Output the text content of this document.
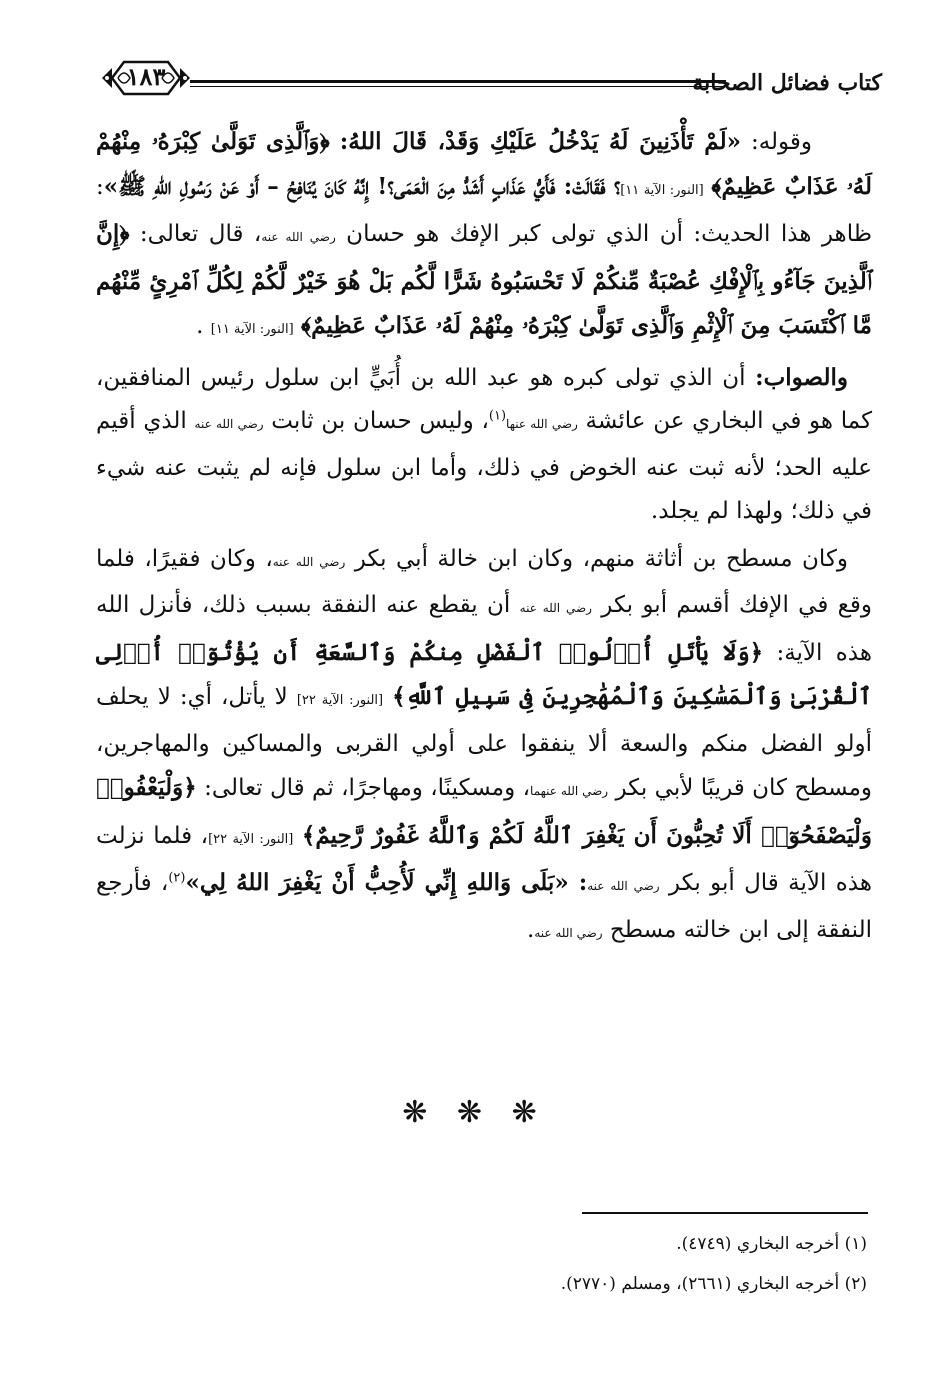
١٨٣	كتاب فضائل الصحابة

وقوله: «لَمْ تَأْذَنِينَ لَهُ يَدْخُلُ عَلَيْكِ وَقَدْ، قَالَ اللهُ: ﴿وَٱلَّذِى تَوَلَّىٰ كِبْرَهُۥ مِنْهُمْ لَهُۥ عَذَابٌ عَظِيمٌ﴾ [النور: الآية ١١]؟ فَقَالَتْ: فَأَيُّ عَذَابٍ أَشَدُّ مِنَ الْعَمَى؟! إِنَّهُ كَانَ يُنَافِحُ – أَوْ عَنْ رَسُولِ اللهِ ﷺ»: ظاهر هذا الحديث: أن الذي تولى كبر الإفك هو حسان رضي الله عنه، قال تعالى: ﴿إِنَّ ٱلَّذِينَ جَآءُو بِٱلْإِفْكِ عُصْبَةٌ مِّنكُمْ لَا تَحْسَبُوهُ شَرًّا لَّكُم بَلْ هُوَ خَيْرٌ لَّكُمْ لِكُلِّ ٱمْرِئٍ مِّنْهُم مَّا ٱكْتَسَبَ مِنَ ٱلْإِثْمِ وَٱلَّذِى تَوَلَّىٰ كِبْرَهُۥ مِنْهُمْ لَهُۥ عَذَابٌ عَظِيمٌ﴾ [النور: الآية ١١] .

والصواب: أن الذي تولى كبره هو عبد الله بن أُبَيٍّ ابن سلول رئيس المنافقين، كما هو في البخاري عن عائشة رضي الله عنها$^{(١)}$، وليس حسان بن ثابت رضي الله عنه الذي أقيم عليه الحد؛ لأنه ثبت عنه الخوض في ذلك، وأما ابن سلول فإنه لم يثبت عنه شيء في ذلك؛ ولهذا لم يجلد.

وكان مسطح بن أثاثة منهم، وكان ابن خالة أبي بكر رضي الله عنه، وكان فقيرًا، فلما وقع في الإفك أقسم أبو بكر رضي الله عنه أن يقطع عنه النفقة بسبب ذلك، فأنزل الله هذه الآية: ﴿وَلَا يَأْتَلِ أُو۟لُوا۟ ٱلْفَضْلِ مِنكُمْ وَٱلسَّعَةِ أَن يُؤْتُوٓا۟ أُو۟لِى ٱلْقُرْبَىٰ وَٱلْمَسَٰكِينَ وَٱلْمُهَٰجِرِينَ فِى سَبِيلِ ٱللَّهِ﴾ [النور: الآية ٢٢] لا يأتل، أي: لا يحلف أولو الفضل منكم والسعة ألا ينفقوا على أولي القربى والمساكين والمهاجرين، ومسطح كان قريبًا لأبي بكر رضي الله عنهما، ومسكينًا، ومهاجرًا، ثم قال تعالى: ﴿وَلْيَعْفُوا۟ وَلْيَصْفَحُوٓا۟ أَلَا تُحِبُّونَ أَن يَغْفِرَ ٱللَّهُ لَكُمْ وَٱللَّهُ غَفُورٌ رَّحِيمٌ﴾ [النور: الآية ٢٢]، فلما نزلت هذه الآية قال أبو بكر رضي الله عنه: «بَلَى وَاللهِ إِنِّي لَأُحِبُّ أَنْ يَغْفِرَ اللهُ لِي»$^{(٢)}$، فأرجع النفقة إلى ابن خالته مسطح رضي الله عنه.

❋ ❋ ❋

(١) أخرجه البخاري (٤٧٤٩).

(٢) أخرجه البخاري (٢٦٦١)، ومسلم (٢٧٧٠).
